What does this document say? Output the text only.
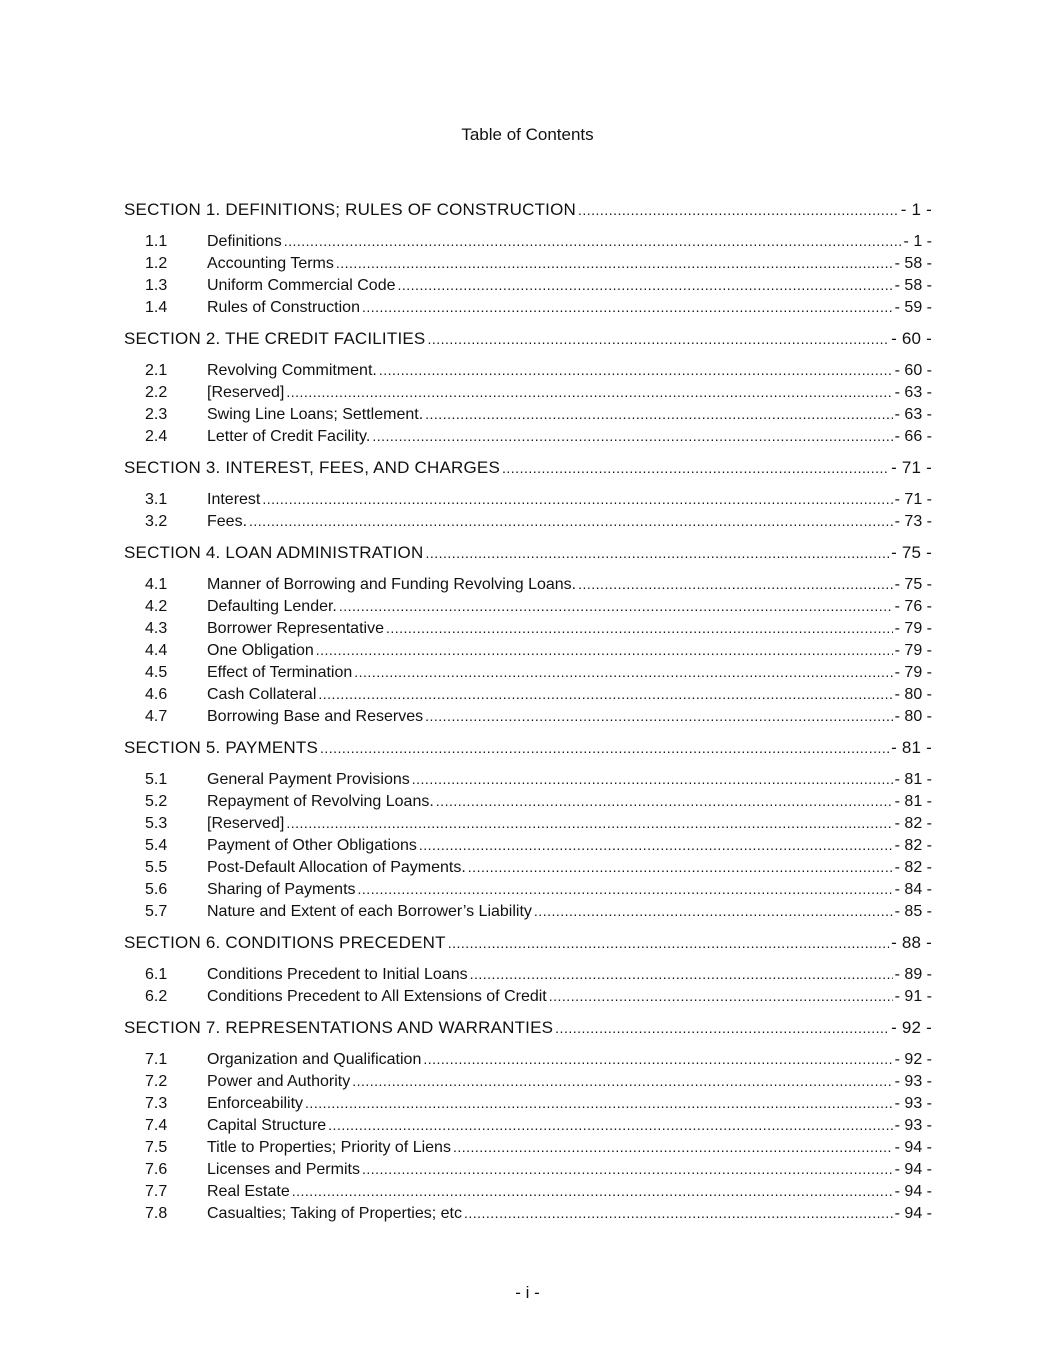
Table of Contents
SECTION 1. DEFINITIONS; RULES OF CONSTRUCTION .....	- 1 -
1.1	Definitions .....	- 1 -
1.2	Accounting Terms .....	- 58 -
1.3	Uniform Commercial Code .....	- 58 -
1.4	Rules of Construction .....	- 59 -
SECTION 2. THE CREDIT FACILITIES .....	- 60 -
2.1	Revolving Commitment. .....	- 60 -
2.2	[Reserved] .....	- 63 -
2.3	Swing Line Loans; Settlement. .....	- 63 -
2.4	Letter of Credit Facility. .....	- 66 -
SECTION 3. INTEREST, FEES, AND CHARGES .....	- 71 -
3.1	Interest .....	- 71 -
3.2	Fees. .....	- 73 -
SECTION 4. LOAN ADMINISTRATION .....	- 75 -
4.1	Manner of Borrowing and Funding Revolving Loans. .....	- 75 -
4.2	Defaulting Lender. .....	- 76 -
4.3	Borrower Representative .....	- 79 -
4.4	One Obligation .....	- 79 -
4.5	Effect of Termination .....	- 79 -
4.6	Cash Collateral .....	- 80 -
4.7	Borrowing Base and Reserves .....	- 80 -
SECTION 5. PAYMENTS .....	- 81 -
5.1	General Payment Provisions .....	- 81 -
5.2	Repayment of Revolving Loans. .....	- 81 -
5.3	[Reserved] .....	- 82 -
5.4	Payment of Other Obligations .....	- 82 -
5.5	Post-Default Allocation of Payments. .....	- 82 -
5.6	Sharing of Payments .....	- 84 -
5.7	Nature and Extent of each Borrower’s Liability .....	- 85 -
SECTION 6. CONDITIONS PRECEDENT .....	- 88 -
6.1	Conditions Precedent to Initial Loans .....	- 89 -
6.2	Conditions Precedent to All Extensions of Credit .....	- 91 -
SECTION 7. REPRESENTATIONS AND WARRANTIES .....	- 92 -
7.1	Organization and Qualification .....	- 92 -
7.2	Power and Authority .....	- 93 -
7.3	Enforceability .....	- 93 -
7.4	Capital Structure .....	- 93 -
7.5	Title to Properties; Priority of Liens .....	- 94 -
7.6	Licenses and Permits .....	- 94 -
7.7	Real Estate .....	- 94 -
7.8	Casualties; Taking of Properties; etc .....	- 94 -
- i -
